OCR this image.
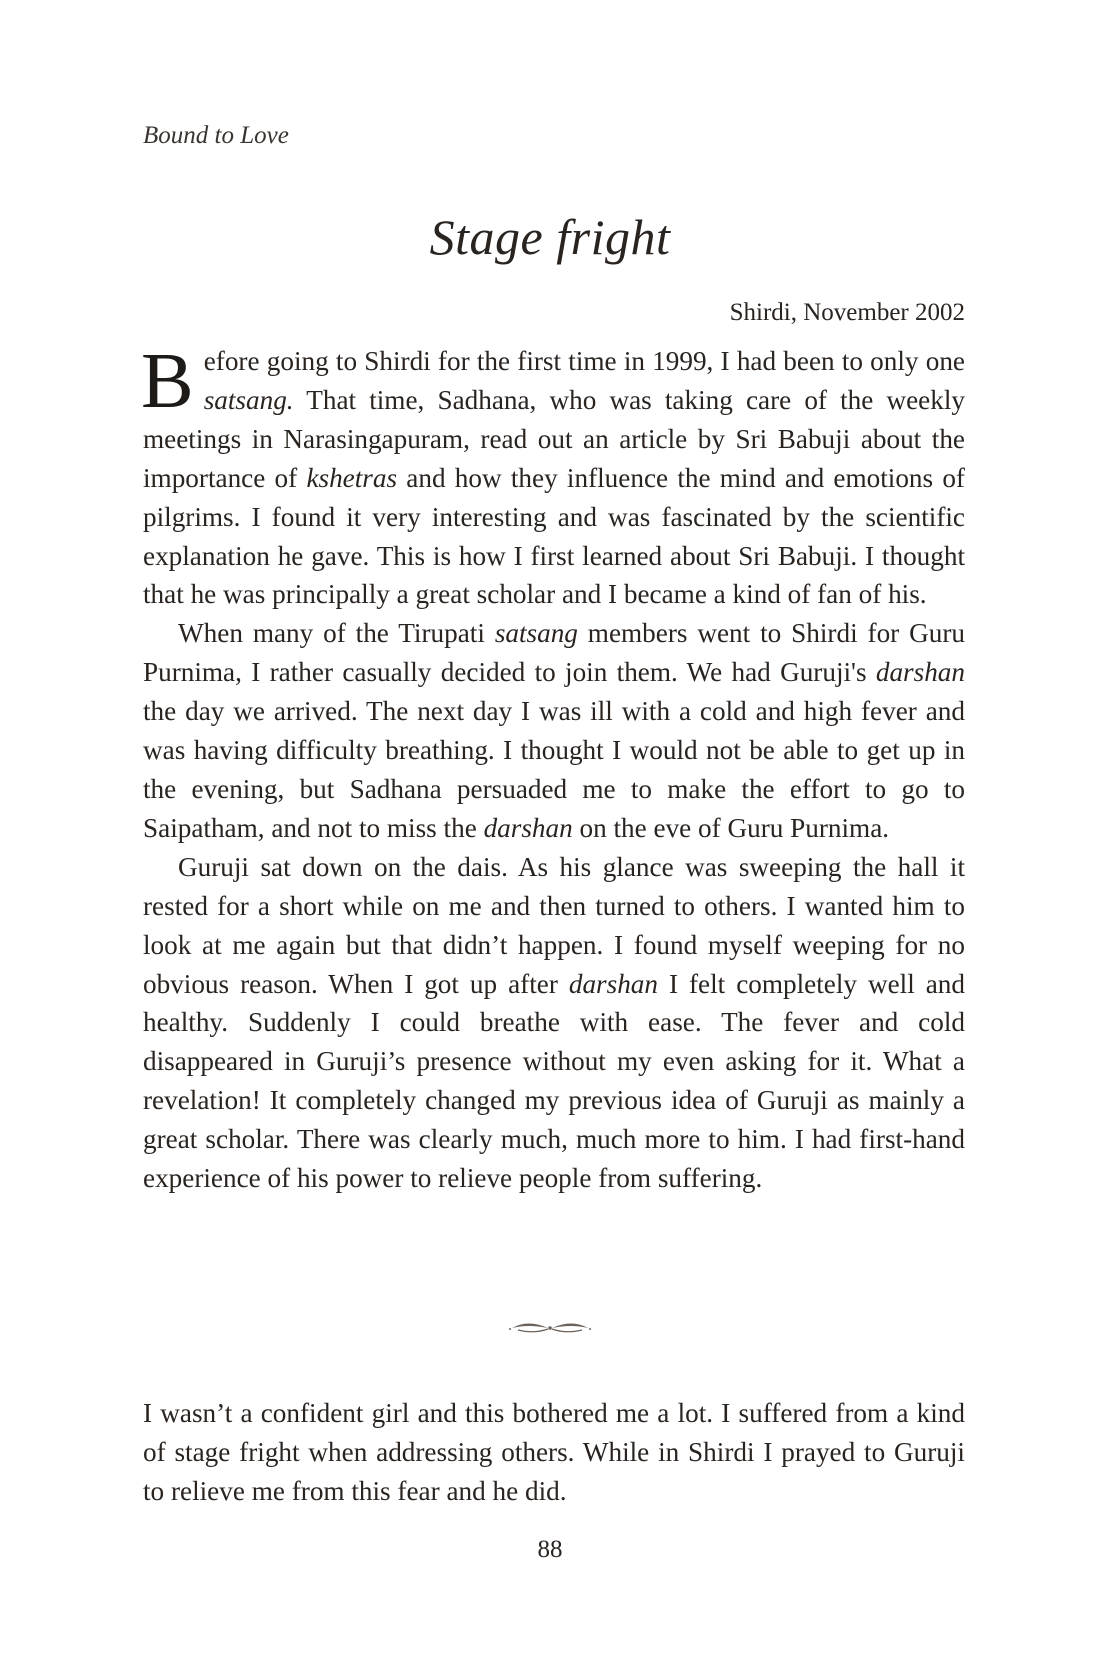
Bound to Love
Stage fright
Shirdi, November 2002

Before going to Shirdi for the first time in 1999, I had been to only one satsang. That time, Sadhana, who was taking care of the weekly meetings in Narasingapuram, read out an article by Sri Babuji about the importance of kshetras and how they influence the mind and emotions of pilgrims. I found it very interesting and was fascinated by the scientific explanation he gave. This is how I first learned about Sri Babuji. I thought that he was principally a great scholar and I became a kind of fan of his.

When many of the Tirupati satsang members went to Shirdi for Guru Purnima, I rather casually decided to join them. We had Guruji's darshan the day we arrived. The next day I was ill with a cold and high fever and was having difficulty breathing. I thought I would not be able to get up in the evening, but Sadhana persuaded me to make the effort to go to Saipatham, and not to miss the darshan on the eve of Guru Purnima.

Guruji sat down on the dais. As his glance was sweeping the hall it rested for a short while on me and then turned to others. I wanted him to look at me again but that didn’t happen. I found myself weeping for no obvious reason. When I got up after darshan I felt completely well and healthy. Suddenly I could breathe with ease. The fever and cold disappeared in Guruji’s presence without my even asking for it. What a revelation! It completely changed my previous idea of Guruji as mainly a great scholar. There was clearly much, much more to him. I had first-hand experience of his power to relieve people from suffering.

I wasn’t a confident girl and this bothered me a lot. I suffered from a kind of stage fright when addressing others. While in Shirdi I prayed to Guruji to relieve me from this fear and he did.

88
